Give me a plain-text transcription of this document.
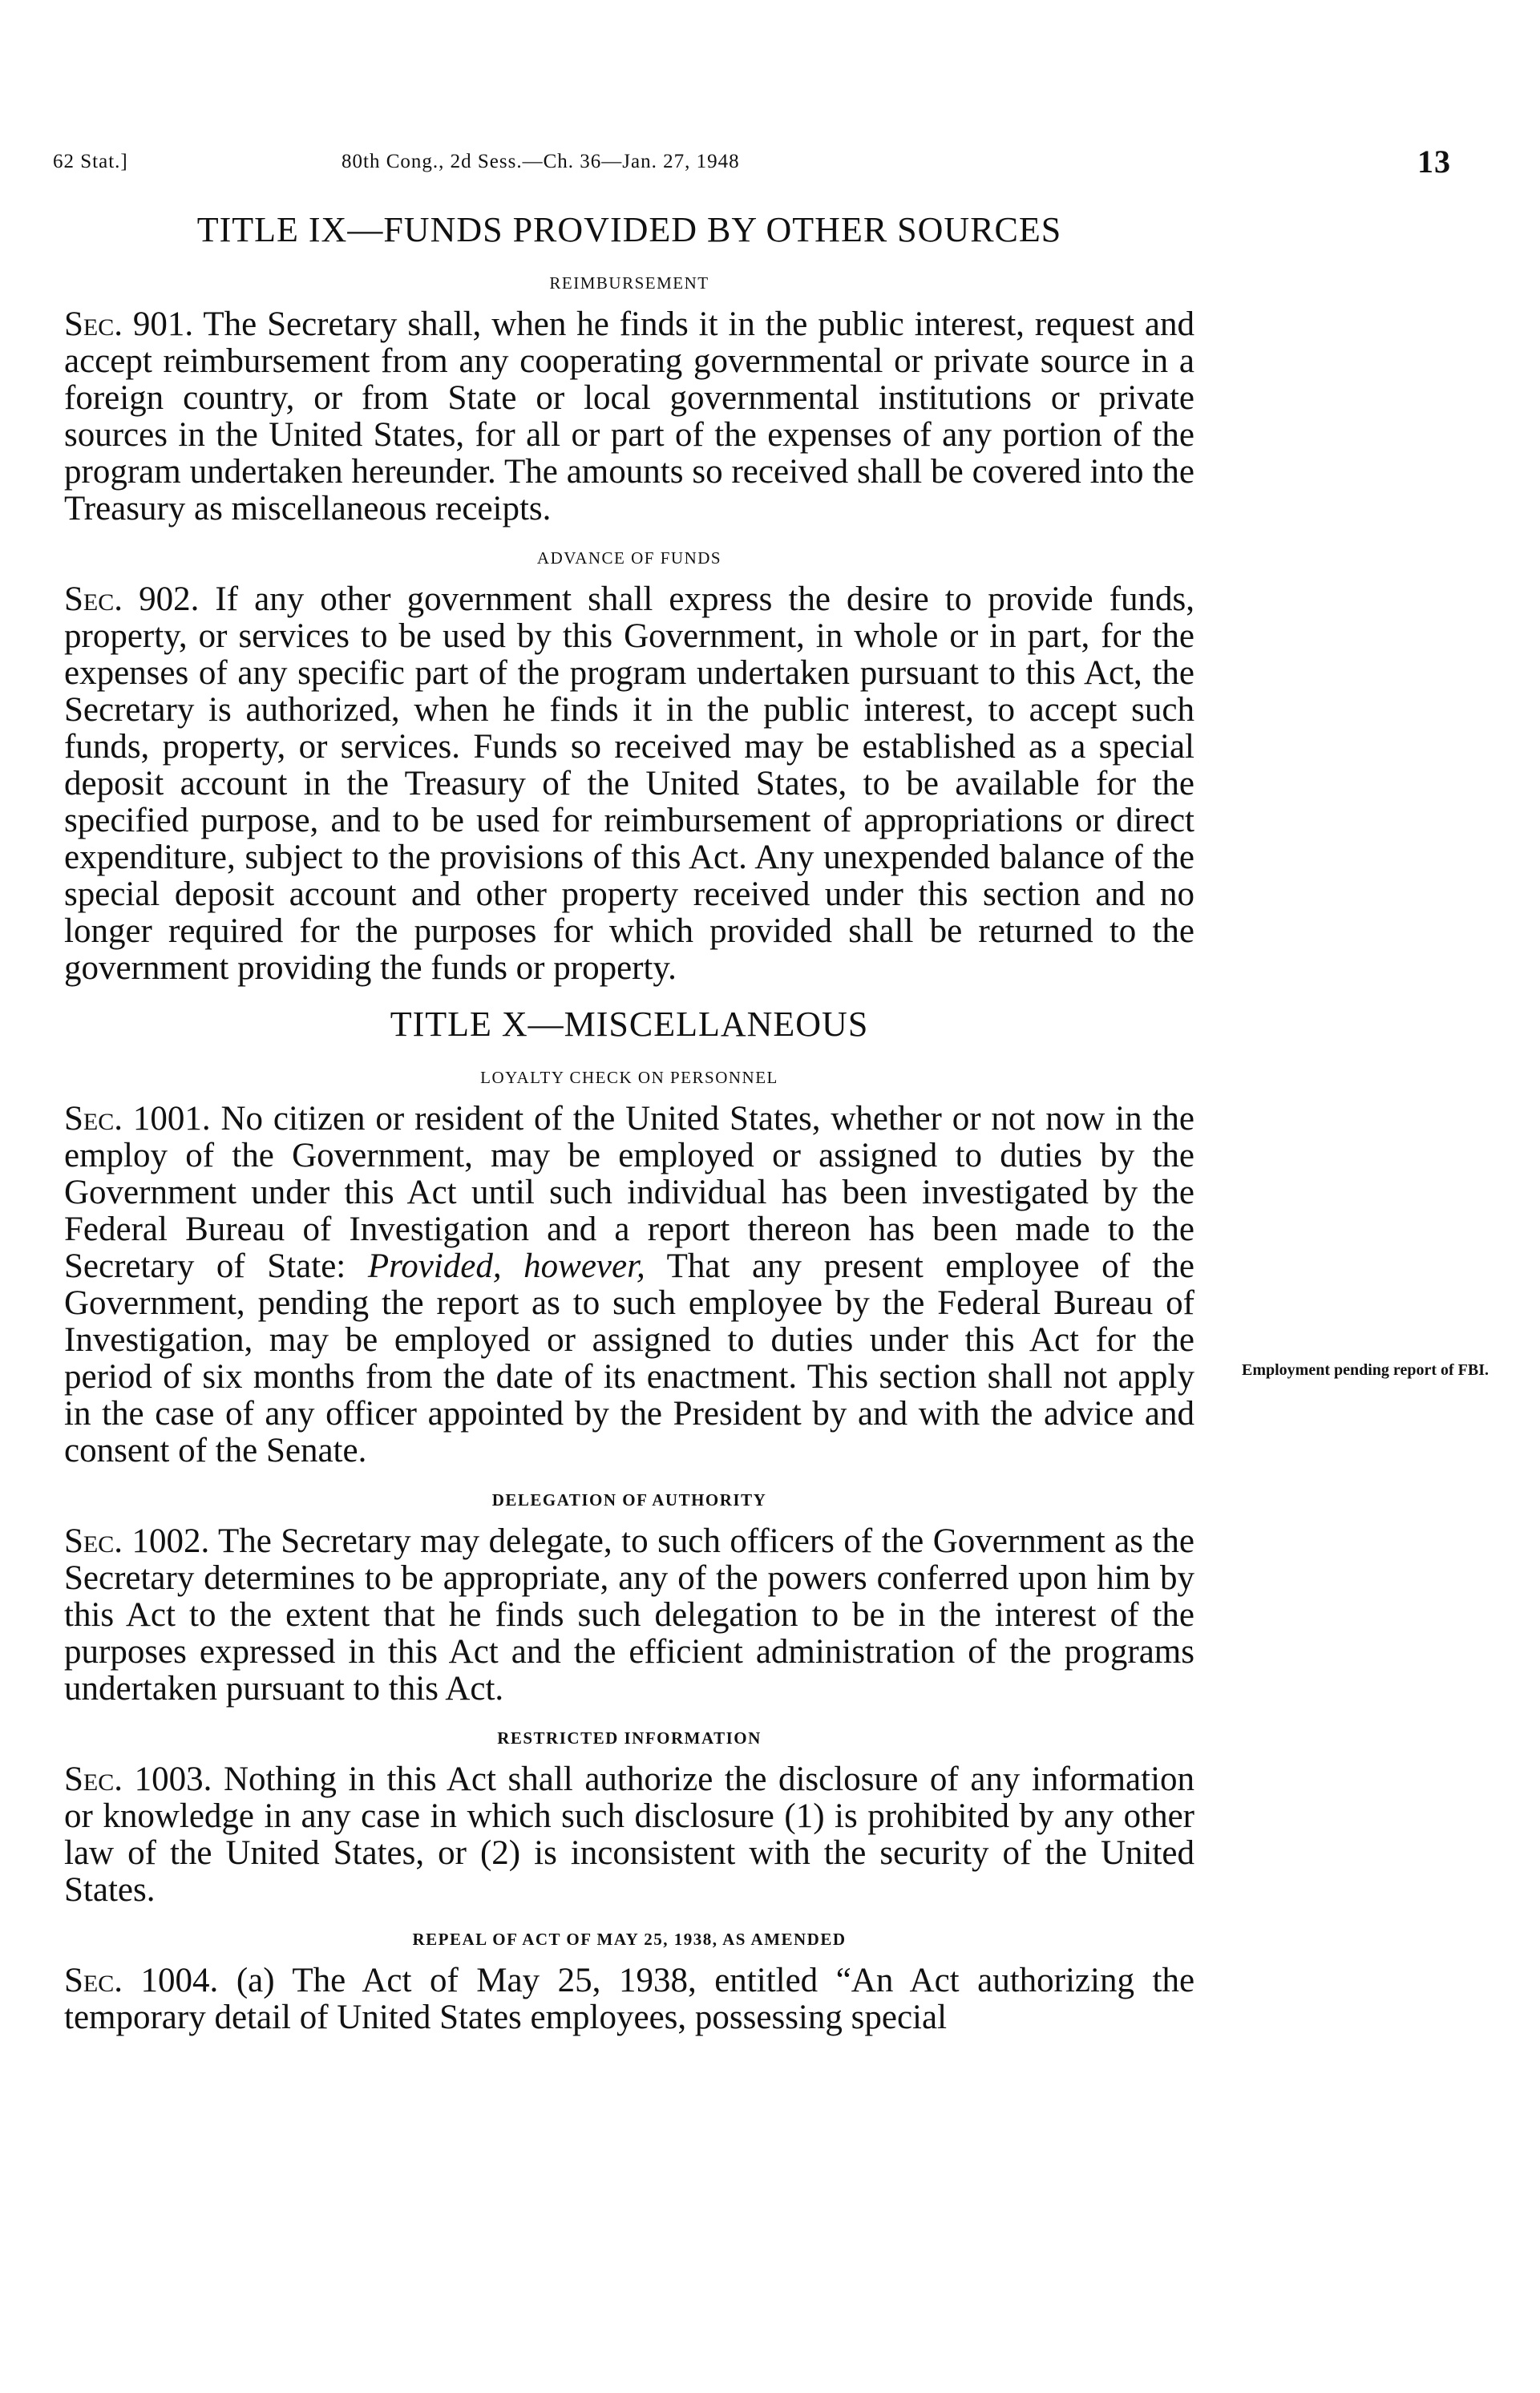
62 Stat.]	80th Cong., 2d Sess.—Ch. 36—Jan. 27, 1948	13
TITLE IX—FUNDS PROVIDED BY OTHER SOURCES
REIMBURSEMENT

Sec. 901. The Secretary shall, when he finds it in the public interest, request and accept reimbursement from any cooperating governmental or private source in a foreign country, or from State or local governmental institutions or private sources in the United States, for all or part of the expenses of any portion of the program undertaken hereunder. The amounts so received shall be covered into the Treasury as miscellaneous receipts.

ADVANCE OF FUNDS

Sec. 902. If any other government shall express the desire to provide funds, property, or services to be used by this Government, in whole or in part, for the expenses of any specific part of the program undertaken pursuant to this Act, the Secretary is authorized, when he finds it in the public interest, to accept such funds, property, or services. Funds so received may be established as a special deposit account in the Treasury of the United States, to be available for the specified purpose, and to be used for reimbursement of appropriations or direct expenditure, subject to the provisions of this Act. Any unexpended balance of the special deposit account and other property received under this section and no longer required for the purposes for which provided shall be returned to the government providing the funds or property.

TITLE X—MISCELLANEOUS
LOYALTY CHECK ON PERSONNEL

Sec. 1001. No citizen or resident of the United States, whether or not now in the employ of the Government, may be employed or assigned to duties by the Government under this Act until such individual has been investigated by the Federal Bureau of Investigation and a report thereon has been made to the Secretary of State: Provided, however, That any present employee of the Government, pending the report as to such employee by the Federal Bureau of Investigation, may be employed or assigned to duties under this Act for the period of six months from the date of its enactment. This section shall not apply in the case of any officer appointed by the President by and with the advice and consent of the Senate.

DELEGATION OF AUTHORITY

Sec. 1002. The Secretary may delegate, to such officers of the Government as the Secretary determines to be appropriate, any of the powers conferred upon him by this Act to the extent that he finds such delegation to be in the interest of the purposes expressed in this Act and the efficient administration of the programs undertaken pursuant to this Act.

RESTRICTED INFORMATION

Sec. 1003. Nothing in this Act shall authorize the disclosure of any information or knowledge in any case in which such disclosure (1) is prohibited by any other law of the United States, or (2) is inconsistent with the security of the United States.

REPEAL OF ACT OF MAY 25, 1938, AS AMENDED

Sec. 1004. (a) The Act of May 25, 1938, entitled “An Act authorizing the temporary detail of United States employees, possessing special

Employment pending report of FBI.
